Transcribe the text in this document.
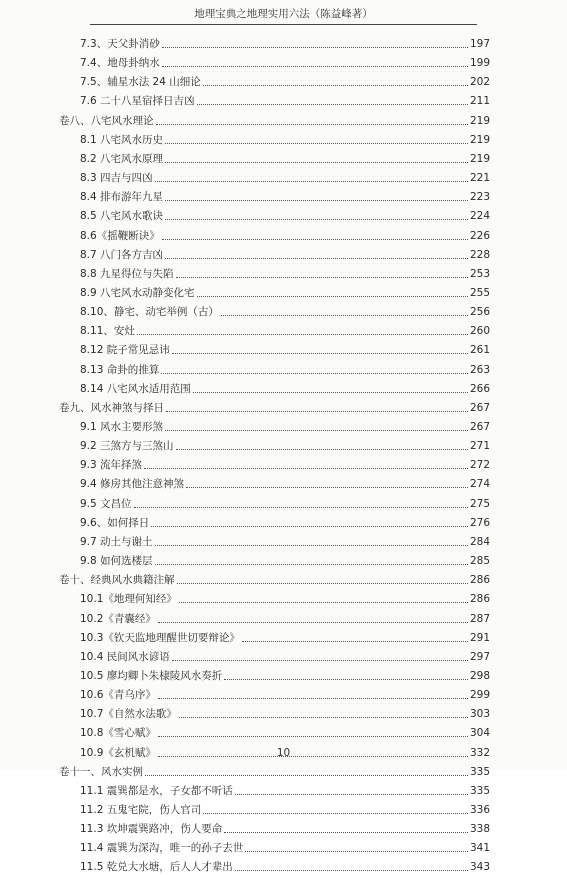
地理宝典之地理实用六法（陈益峰著）
7.3、天父卦消砂	197
7.4、地母卦纳水	199
7.5、辅星水法 24 山细论	202
7.6 二十八星宿择日吉凶	211
卷八、八宅风水理论	219
8.1 八宅风水历史	219
8.2 八宅风水原理	219
8.3 四吉与四凶	221
8.4 排布游年九星	223
8.5 八宅风水歌诀	224
8.6《摇鞭断诀》	226
8.7 八门各方吉凶	228
8.8 九星得位与失陷	253
8.9 八宅风水动静变化宅	255
8.10、静宅、动宅举例（古）	256
8.11、安灶	260
8.12 院子常见忌讳	261
8.13 命卦的推算	263
8.14 八宅风水适用范围	266
卷九、风水神煞与择日	267
9.1 风水主要形煞	267
9.2 三煞方与三煞山	271
9.3 流年择煞	272
9.4 修房其他注意神煞	274
9.5 文昌位	275
9.6、如何择日	276
9.7 动土与谢土	284
9.8 如何选楼层	285
卷十、经典风水典籍注解	286
10.1《地理何知经》	286
10.2《青囊经》	287
10.3《钦天监地理醒世切要辩论》	291
10.4 民间风水谚语	297
10.5 廖均卿卜朱棣陵风水奏折	298
10.6《青乌序》	299
10.7《自然水法歌》	303
10.8《雪心赋》	304
10.9《玄机赋》	332
卷十一、风水实例	335
11.1 震巽都是水，子女都不听话	335
11.2 五鬼宅院，伤人官司	336
11.3 坎坤震巽路冲，伤人要命	338
11.4 震巽为深沟，唯一的孙子去世	341
11.5 乾兑大水塘，后人人才辈出	343
10
